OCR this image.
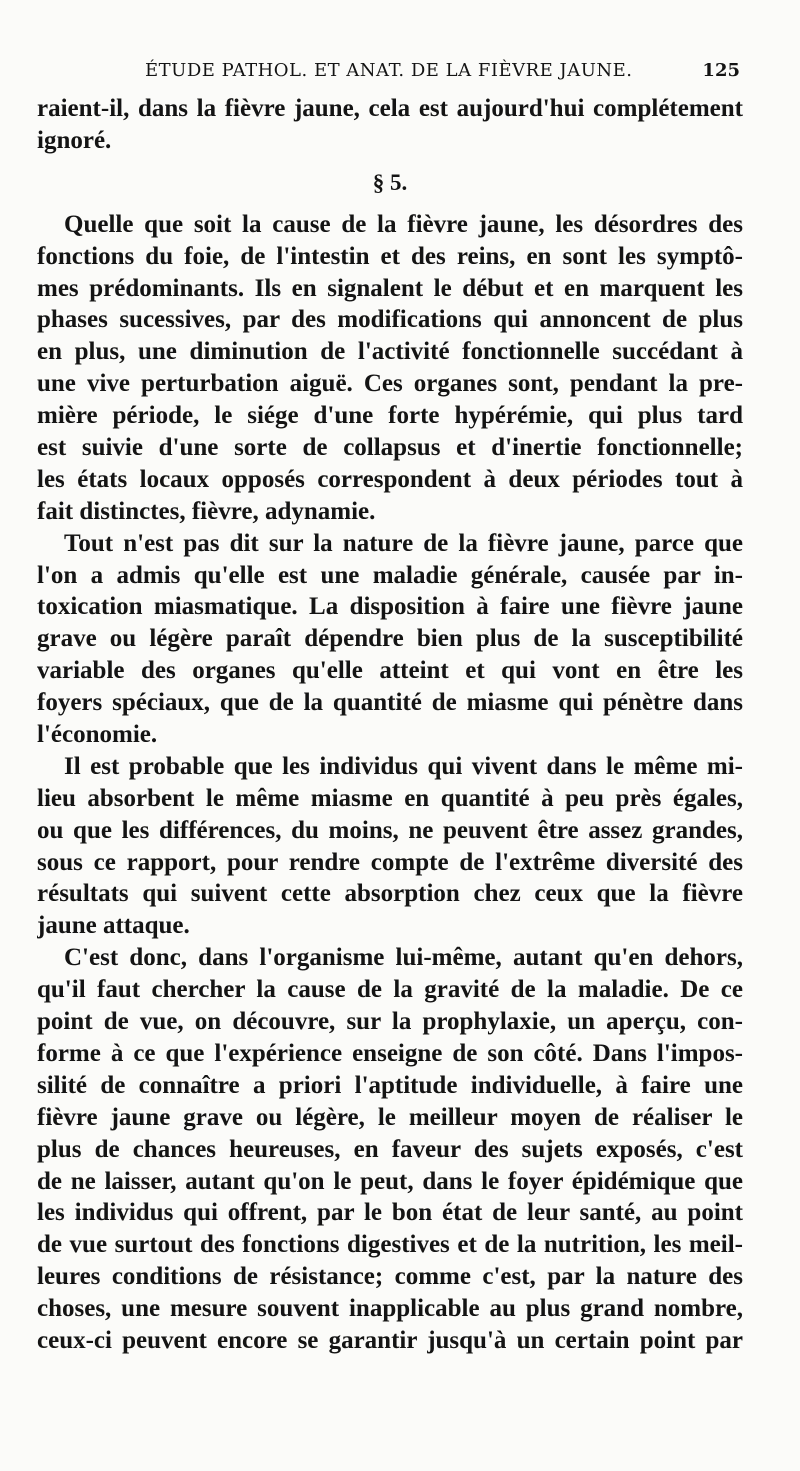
ÉTUDE PATHOL. ET ANAT. DE LA FIÈVRE JAUNE.	125
raient-il, dans la fièvre jaune, cela est aujourd'hui complétement
ignoré.
§ 5.
Quelle que soit la cause de la fièvre jaune, les désordres des
fonctions du foie, de l'intestin et des reins, en sont les symptô-
mes prédominants. Ils en signalent le début et en marquent les
phases sucessives, par des modifications qui annoncent de plus
en plus, une diminution de l'activité fonctionnelle succédant à
une vive perturbation aiguë. Ces organes sont, pendant la pre-
mière période, le siége d'une forte hypérémie, qui plus tard
est suivie d'une sorte de collapsus et d'inertie fonctionnelle;
les états locaux opposés correspondent à deux périodes tout à
fait distinctes, fièvre, adynamie.
Tout n'est pas dit sur la nature de la fièvre jaune, parce que
l'on a admis qu'elle est une maladie générale, causée par in-
toxication miasmatique. La disposition à faire une fièvre jaune
grave ou légère paraît dépendre bien plus de la susceptibilité
variable des organes qu'elle atteint et qui vont en être les
foyers spéciaux, que de la quantité de miasme qui pénètre dans
l'économie.
Il est probable que les individus qui vivent dans le même mi-
lieu absorbent le même miasme en quantité à peu près égales,
ou que les différences, du moins, ne peuvent être assez grandes,
sous ce rapport, pour rendre compte de l'extrême diversité des
résultats qui suivent cette absorption chez ceux que la fièvre
jaune attaque.
C'est donc, dans l'organisme lui-même, autant qu'en dehors,
qu'il faut chercher la cause de la gravité de la maladie. De ce
point de vue, on découvre, sur la prophylaxie, un aperçu, con-
forme à ce que l'expérience enseigne de son côté. Dans l'impos-
silité de connaître a priori l'aptitude individuelle, à faire une
fièvre jaune grave ou légère, le meilleur moyen de réaliser le
plus de chances heureuses, en faveur des sujets exposés, c'est
de ne laisser, autant qu'on le peut, dans le foyer épidémique que
les individus qui offrent, par le bon état de leur santé, au point
de vue surtout des fonctions digestives et de la nutrition, les meil-
leures conditions de résistance; comme c'est, par la nature des
choses, une mesure souvent inapplicable au plus grand nombre,
ceux-ci peuvent encore se garantir jusqu'à un certain point par
